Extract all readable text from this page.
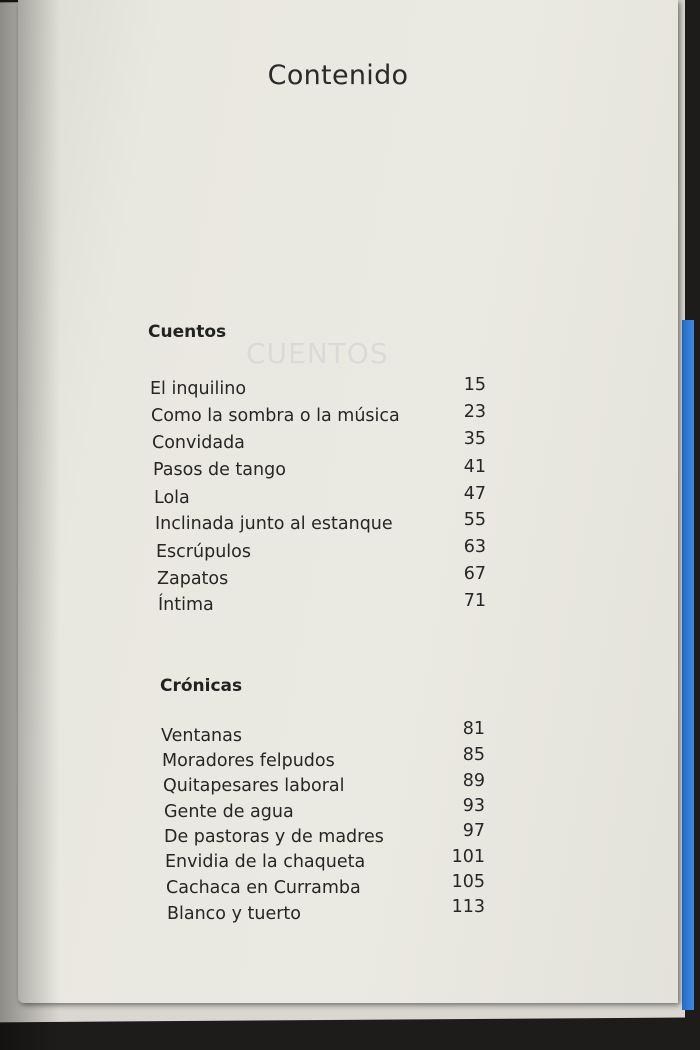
CUENTOS
Contenido
Cuentos
El inquilino	15
Como la sombra o la música	23
Convidada	35
Pasos de tango	41
Lola	47
Inclinada junto al estanque	55
Escrúpulos	63
Zapatos	67
Íntima	71
Crónicas
Ventanas	81
Moradores felpudos	85
Quitapesares laboral	89
Gente de agua	93
De pastoras y de madres	97
Envidia de la chaqueta	101
Cachaca en Curramba	105
Blanco y tuerto	113
